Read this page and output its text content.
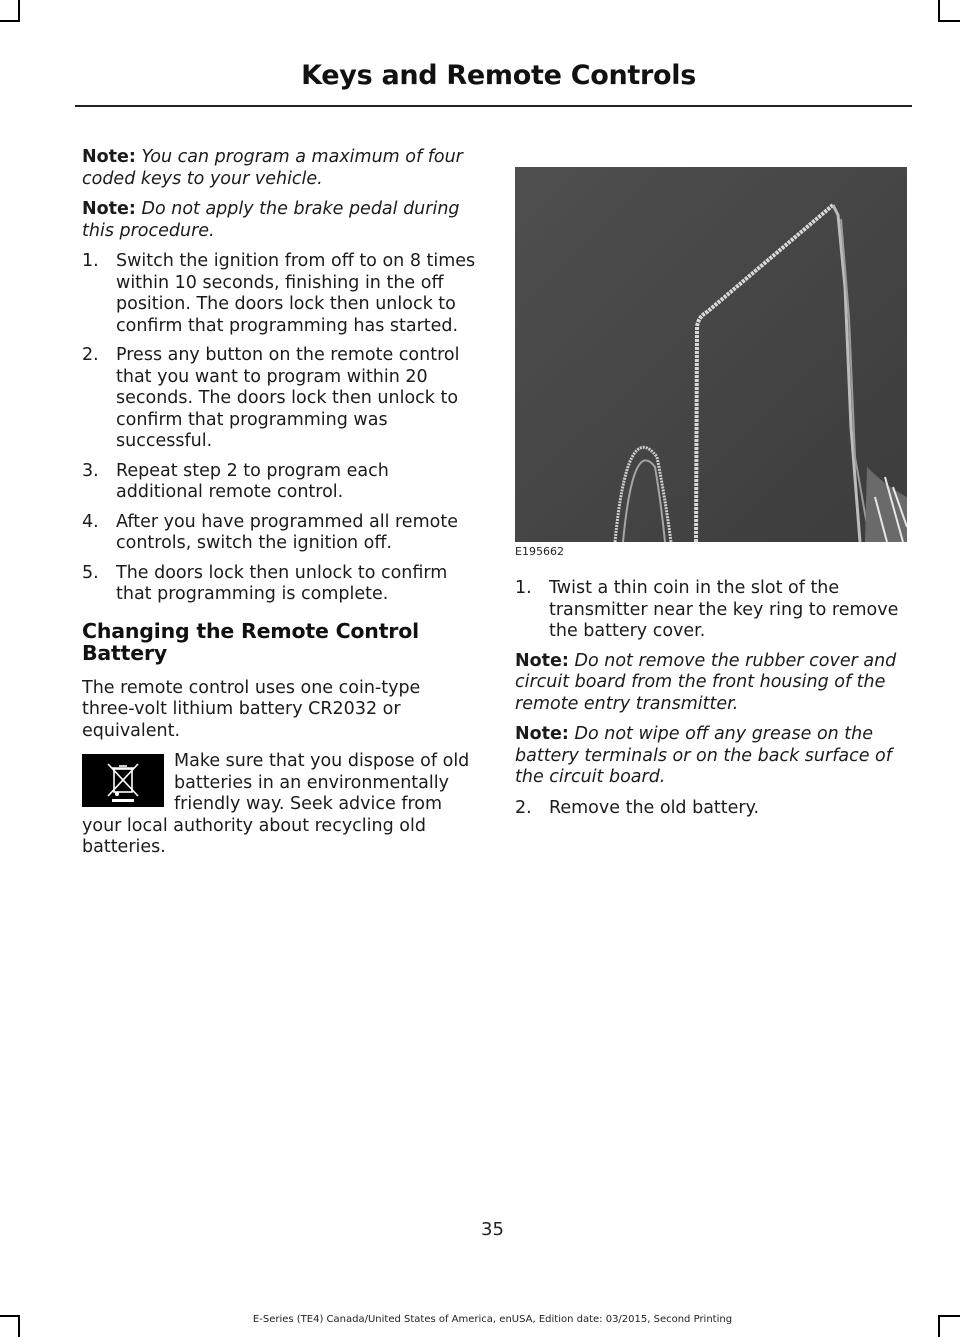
Keys and Remote Controls

Note: You can program a maximum of four coded keys to your vehicle.

Note: Do not apply the brake pedal during this procedure.

1. Switch the ignition from off to on 8 times within 10 seconds, finishing in the off position. The doors lock then unlock to confirm that programming has started.
2. Press any button on the remote control that you want to program within 20 seconds. The doors lock then unlock to confirm that programming was successful.
3. Repeat step 2 to program each additional remote control.
4. After you have programmed all remote controls, switch the ignition off.
5. The doors lock then unlock to confirm that programming is complete.
Changing the Remote Control Battery

The remote control uses one coin-type three-volt lithium battery CR2032 or equivalent.

Make sure that you dispose of old batteries in an environmentally friendly way. Seek advice from your local authority about recycling old batteries.
E195662
1. Twist a thin coin in the slot of the transmitter near the key ring to remove the battery cover.

Note: Do not remove the rubber cover and circuit board from the front housing of the remote entry transmitter.

Note: Do not wipe off any grease on the battery terminals or on the back surface of the circuit board.

2. Remove the old battery.
35
E-Series (TE4) Canada/United States of America, enUSA, Edition date: 03/2015, Second Printing
